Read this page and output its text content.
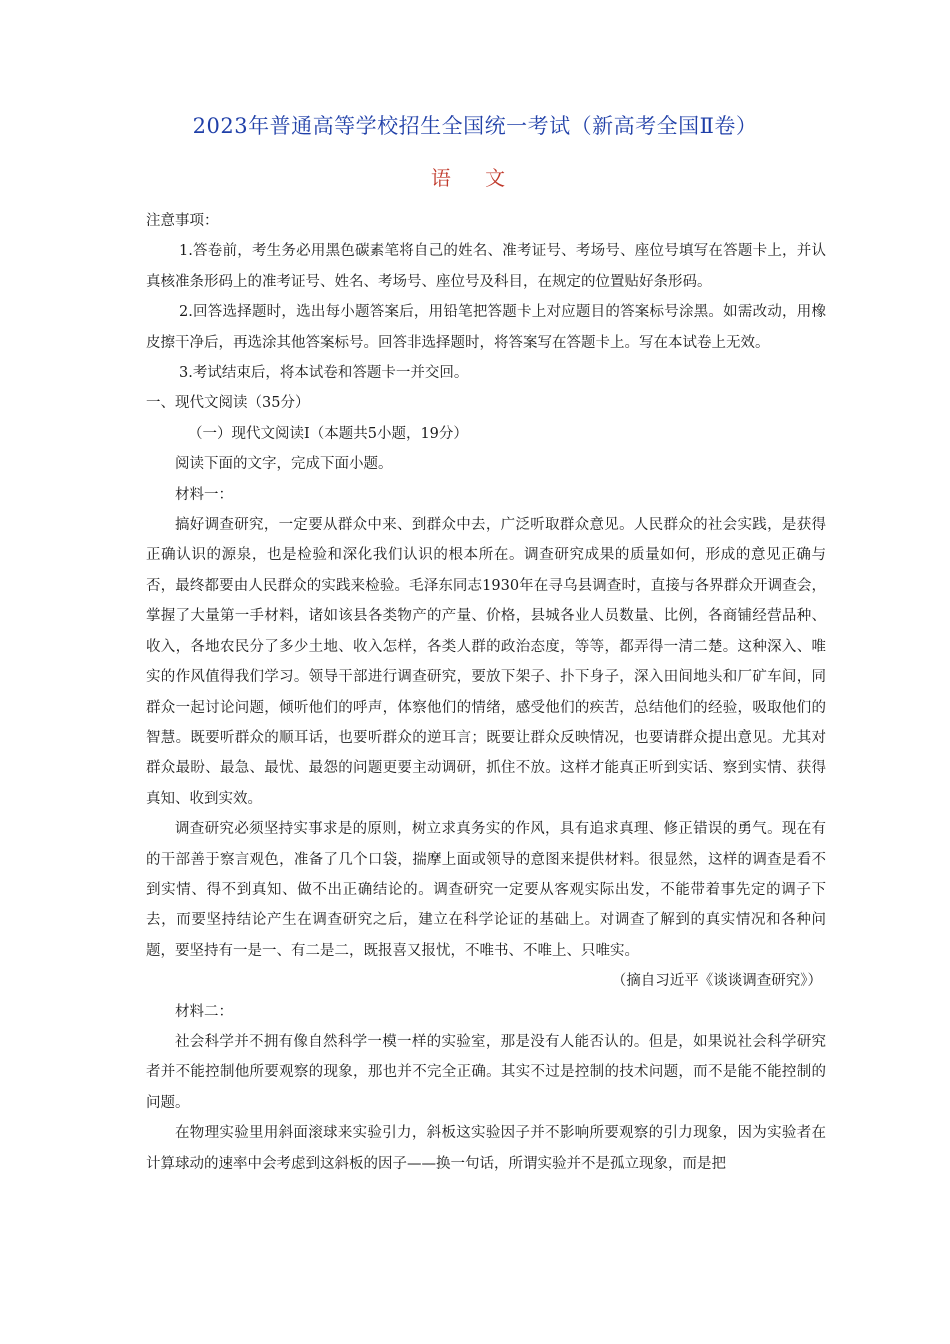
2023年普通高等学校招生全国统一考试（新高考全国Ⅱ卷）
语 文

注意事项：

1.答卷前，考生务必用黑色碳素笔将自己的姓名、准考证号、考场号、座位号填写在答题卡上，并认真核准条形码上的准考证号、姓名、考场号、座位号及科目，在规定的位置贴好条形码。

2.回答选择题时，选出每小题答案后，用铅笔把答题卡上对应题目的答案标号涂黑。如需改动，用橡皮擦干净后，再选涂其他答案标号。回答非选择题时，将答案写在答题卡上。写在本试卷上无效。

3.考试结束后，将本试卷和答题卡一并交回。

一、现代文阅读（35分）

（一）现代文阅读Ⅰ（本题共5小题，19分）

阅读下面的文字，完成下面小题。

材料一：

搞好调查研究，一定要从群众中来、到群众中去，广泛听取群众意见。人民群众的社会实践，是获得正确认识的源泉，也是检验和深化我们认识的根本所在。调查研究成果的质量如何，形成的意见正确与否，最终都要由人民群众的实践来检验。毛泽东同志1930年在寻乌县调查时，直接与各界群众开调查会，掌握了大量第一手材料，诸如该县各类物产的产量、价格，县城各业人员数量、比例，各商铺经营品种、收入，各地农民分了多少土地、收入怎样，各类人群的政治态度，等等，都弄得一清二楚。这种深入、唯实的作风值得我们学习。领导干部进行调查研究，要放下架子、扑下身子，深入田间地头和厂矿车间，同群众一起讨论问题，倾听他们的呼声，体察他们的情绪，感受他们的疾苦，总结他们的经验，吸取他们的智慧。既要听群众的顺耳话，也要听群众的逆耳言；既要让群众反映情况，也要请群众提出意见。尤其对群众最盼、最急、最忧、最怨的问题更要主动调研，抓住不放。这样才能真正听到实话、察到实情、获得真知、收到实效。

调查研究必须坚持实事求是的原则，树立求真务实的作风，具有追求真理、修正错误的勇气。现在有的干部善于察言观色，准备了几个口袋，揣摩上面或领导的意图来提供材料。很显然，这样的调查是看不到实情、得不到真知、做不出正确结论的。调查研究一定要从客观实际出发，不能带着事先定的调子下去，而要坚持结论产生在调查研究之后，建立在科学论证的基础上。对调查了解到的真实情况和各种问题，要坚持有一是一、有二是二，既报喜又报忧，不唯书、不唯上、只唯实。

（摘自习近平《谈谈调查研究》）

材料二：

社会科学并不拥有像自然科学一模一样的实验室，那是没有人能否认的。但是，如果说社会科学研究者并不能控制他所要观察的现象，那也并不完全正确。其实不过是控制的技术问题，而不是能不能控制的问题。

在物理实验里用斜面滚球来实验引力，斜板这实验因子并不影响所要观察的引力现象，因为实验者在计算球动的速率中会考虑到这斜板的因子——换一句话，所谓实验并不是孤立现象，而是把
